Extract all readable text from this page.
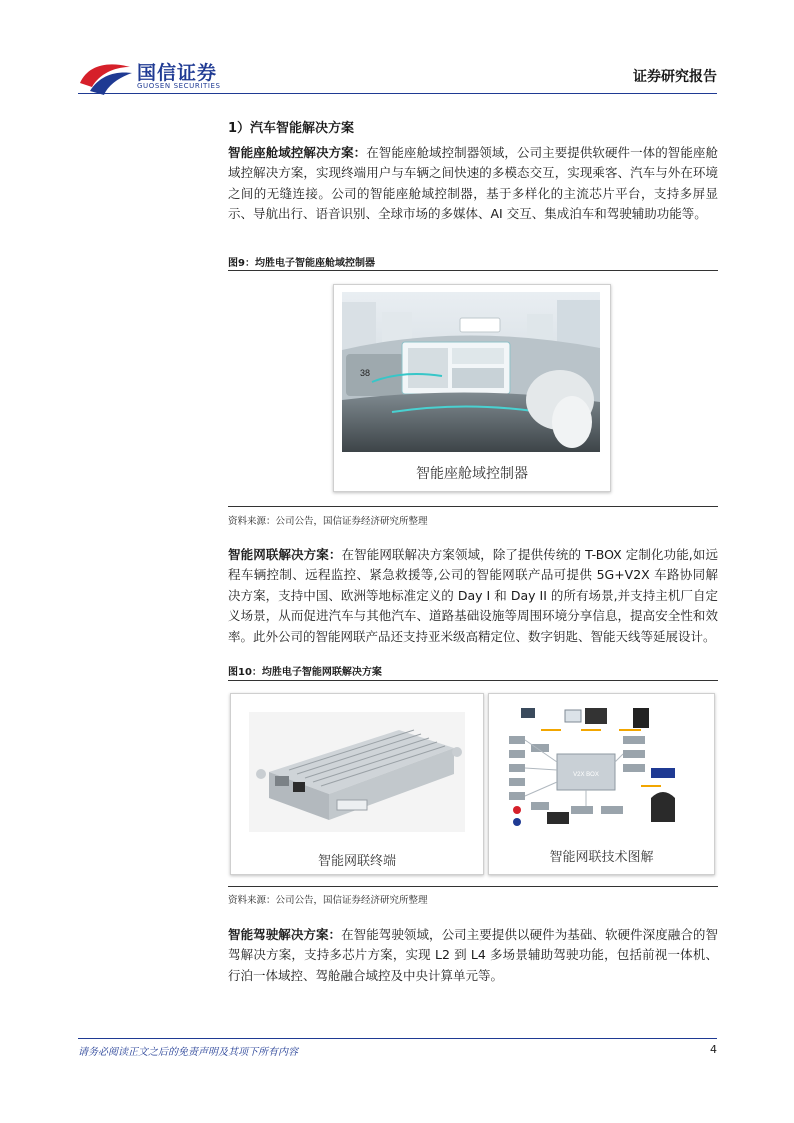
国信证券
GUOSEN SECURITIES
证券研究报告
1）汽车智能解决方案
智能座舱域控解决方案：在智能座舱域控制器领域，公司主要提供软硬件一体的智能座舱域控解决方案，实现终端用户与车辆之间快速的多模态交互，实现乘客、汽车与外在环境之间的无缝连接。公司的智能座舱域控制器，基于多样化的主流芯片平台，支持多屏显示、导航出行、语音识别、全球市场的多媒体、AI 交互、集成泊车和驾驶辅助功能等。
图9：均胜电子智能座舱域控制器
38
智能座舱域控制器
资料来源：公司公告，国信证券经济研究所整理
智能网联解决方案：在智能网联解决方案领域，除了提供传统的 T-BOX 定制化功能,如远程车辆控制、远程监控、紧急救援等,公司的智能网联产品可提供 5G+V2X 车路协同解决方案，支持中国、欧洲等地标准定义的 Day I 和 Day II 的所有场景,并支持主机厂自定义场景，从而促进汽车与其他汽车、道路基础设施等周围环境分享信息，提高安全性和效率。此外公司的智能网联产品还支持亚米级高精定位、数字钥匙、智能天线等延展设计。
图10：均胜电子智能网联解决方案
智能网联终端
V2X BOX
智能网联技术图解
资料来源：公司公告，国信证券经济研究所整理
智能驾驶解决方案：在智能驾驶领域，公司主要提供以硬件为基础、软硬件深度融合的智驾解决方案，支持多芯片方案，实现 L2 到 L4 多场景辅助驾驶功能，包括前视一体机、行泊一体域控、驾舱融合域控及中央计算单元等。
请务必阅读正文之后的免责声明及其项下所有内容	4
